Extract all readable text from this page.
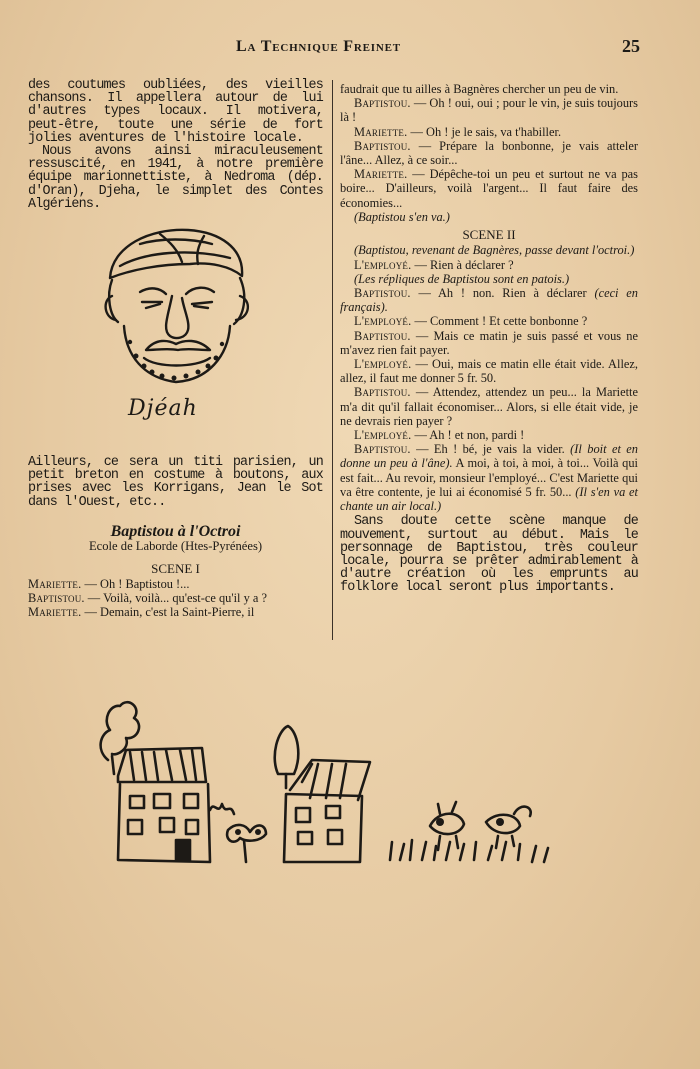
La Technique Freinet	25

des coutumes oubliées, des vieilles chansons. Il appellera autour de lui d'autres types locaux. Il motivera, peut-être, toute une série de fort jolies aventures de l'histoire locale.

Nous avons ainsi miraculeusement ressuscité, en 1941, à notre première équipe marionnettiste, à Nedroma (dép. d'Oran), Djeha, le simplet des Contes Algériens.

Djéah

Ailleurs, ce sera un titi parisien, un petit breton en costume à boutons, aux prises avec les Korrigans, Jean le Sot dans l'Ouest, etc..

Baptistou à l'Octroi
Ecole de Laborde (Htes-Pyrénées)
SCENE I

Mariette. — Oh ! Baptistou !...

Baptistou. — Voilà, voilà... qu'est-ce qu'il y a ?

Mariette. — Demain, c'est la Saint-Pierre, il

faudrait que tu ailles à Bagnères chercher un peu de vin.

Baptistou. — Oh ! oui, oui ; pour le vin, je suis toujours là !

Mariette. — Oh ! je le sais, va t'habiller.

Baptistou. — Prépare la bonbonne, je vais atteler l'âne... Allez, à ce soir...

Mariette. — Dépêche-toi un peu et surtout ne va pas boire... D'ailleurs, voilà l'argent... Il faut faire des économies...

(Baptistou s'en va.)

SCENE II

(Baptistou, revenant de Bagnères, passe devant l'octroi.)

L'employé. — Rien à déclarer ?

(Les répliques de Baptistou sont en patois.)

Baptistou. — Ah ! non. Rien à déclarer (ceci en français).

L'employé. — Comment ! Et cette bonbonne ?

Baptistou. — Mais ce matin je suis passé et vous ne m'avez rien fait payer.

L'employé. — Oui, mais ce matin elle était vide. Allez, allez, il faut me donner 5 fr. 50.

Baptistou. — Attendez, attendez un peu... la Mariette m'a dit qu'il fallait économiser... Alors, si elle était vide, je ne devrais rien payer ?

L'employé. — Ah ! et non, pardi !

Baptistou. — Eh ! bé, je vais la vider. (Il boit et en donne un peu à l'âne). A moi, à toi, à moi, à toi... Voilà qui est fait... Au revoir, monsieur l'employé... C'est Mariette qui va être contente, je lui ai économisé 5 fr. 50... (Il s'en va et chante un air local.)

Sans doute cette scène manque de mouvement, surtout au début. Mais le personnage de Baptistou, très couleur locale, pourra se prêter admirablement à d'autre création où les emprunts au folklore local seront plus importants.
